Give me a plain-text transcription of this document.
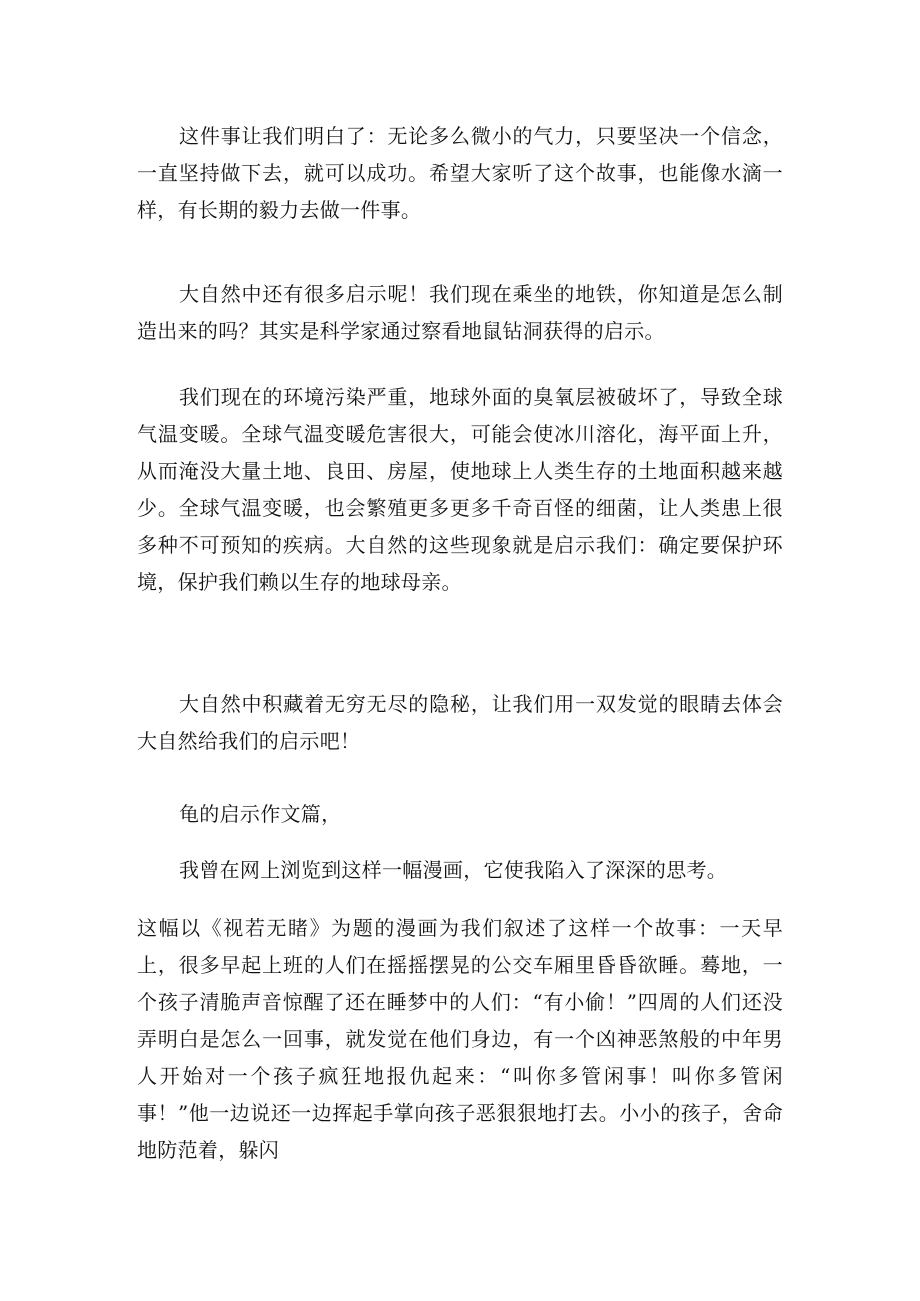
这件事让我们明白了：无论多么微小的气力，只要坚决一个信念，一直坚持做下去，就可以成功。希望大家听了这个故事，也能像水滴一样，有长期的毅力去做一件事。

大自然中还有很多启示呢！我们现在乘坐的地铁，你知道是怎么制造出来的吗？其实是科学家通过察看地鼠钻洞获得的启示。

我们现在的环境污染严重，地球外面的臭氧层被破坏了，导致全球气温变暖。全球气温变暖危害很大，可能会使冰川溶化，海平面上升，从而淹没大量土地、良田、房屋，使地球上人类生存的土地面积越来越少。全球气温变暖，也会繁殖更多更多千奇百怪的细菌，让人类患上很多种不可预知的疾病。大自然的这些现象就是启示我们：确定要保护环境，保护我们赖以生存的地球母亲。

大自然中积藏着无穷无尽的隐秘，让我们用一双发觉的眼睛去体会大自然给我们的启示吧！

龟的启示作文篇，

我曾在网上浏览到这样一幅漫画，它使我陷入了深深的思考。

这幅以《视若无睹》为题的漫画为我们叙述了这样一个故事：一天早上，很多早起上班的人们在摇摇摆晃的公交车厢里昏昏欲睡。蓦地，一个孩子清脆声音惊醒了还在睡梦中的人们：“有小偷！”四周的人们还没弄明白是怎么一回事，就发觉在他们身边，有一个凶神恶煞般的中年男人开始对一个孩子疯狂地报仇起来：“叫你多管闲事！叫你多管闲事！”他一边说还一边挥起手掌向孩子恶狠狠地打去。小小的孩子，舍命地防范着，躲闪
